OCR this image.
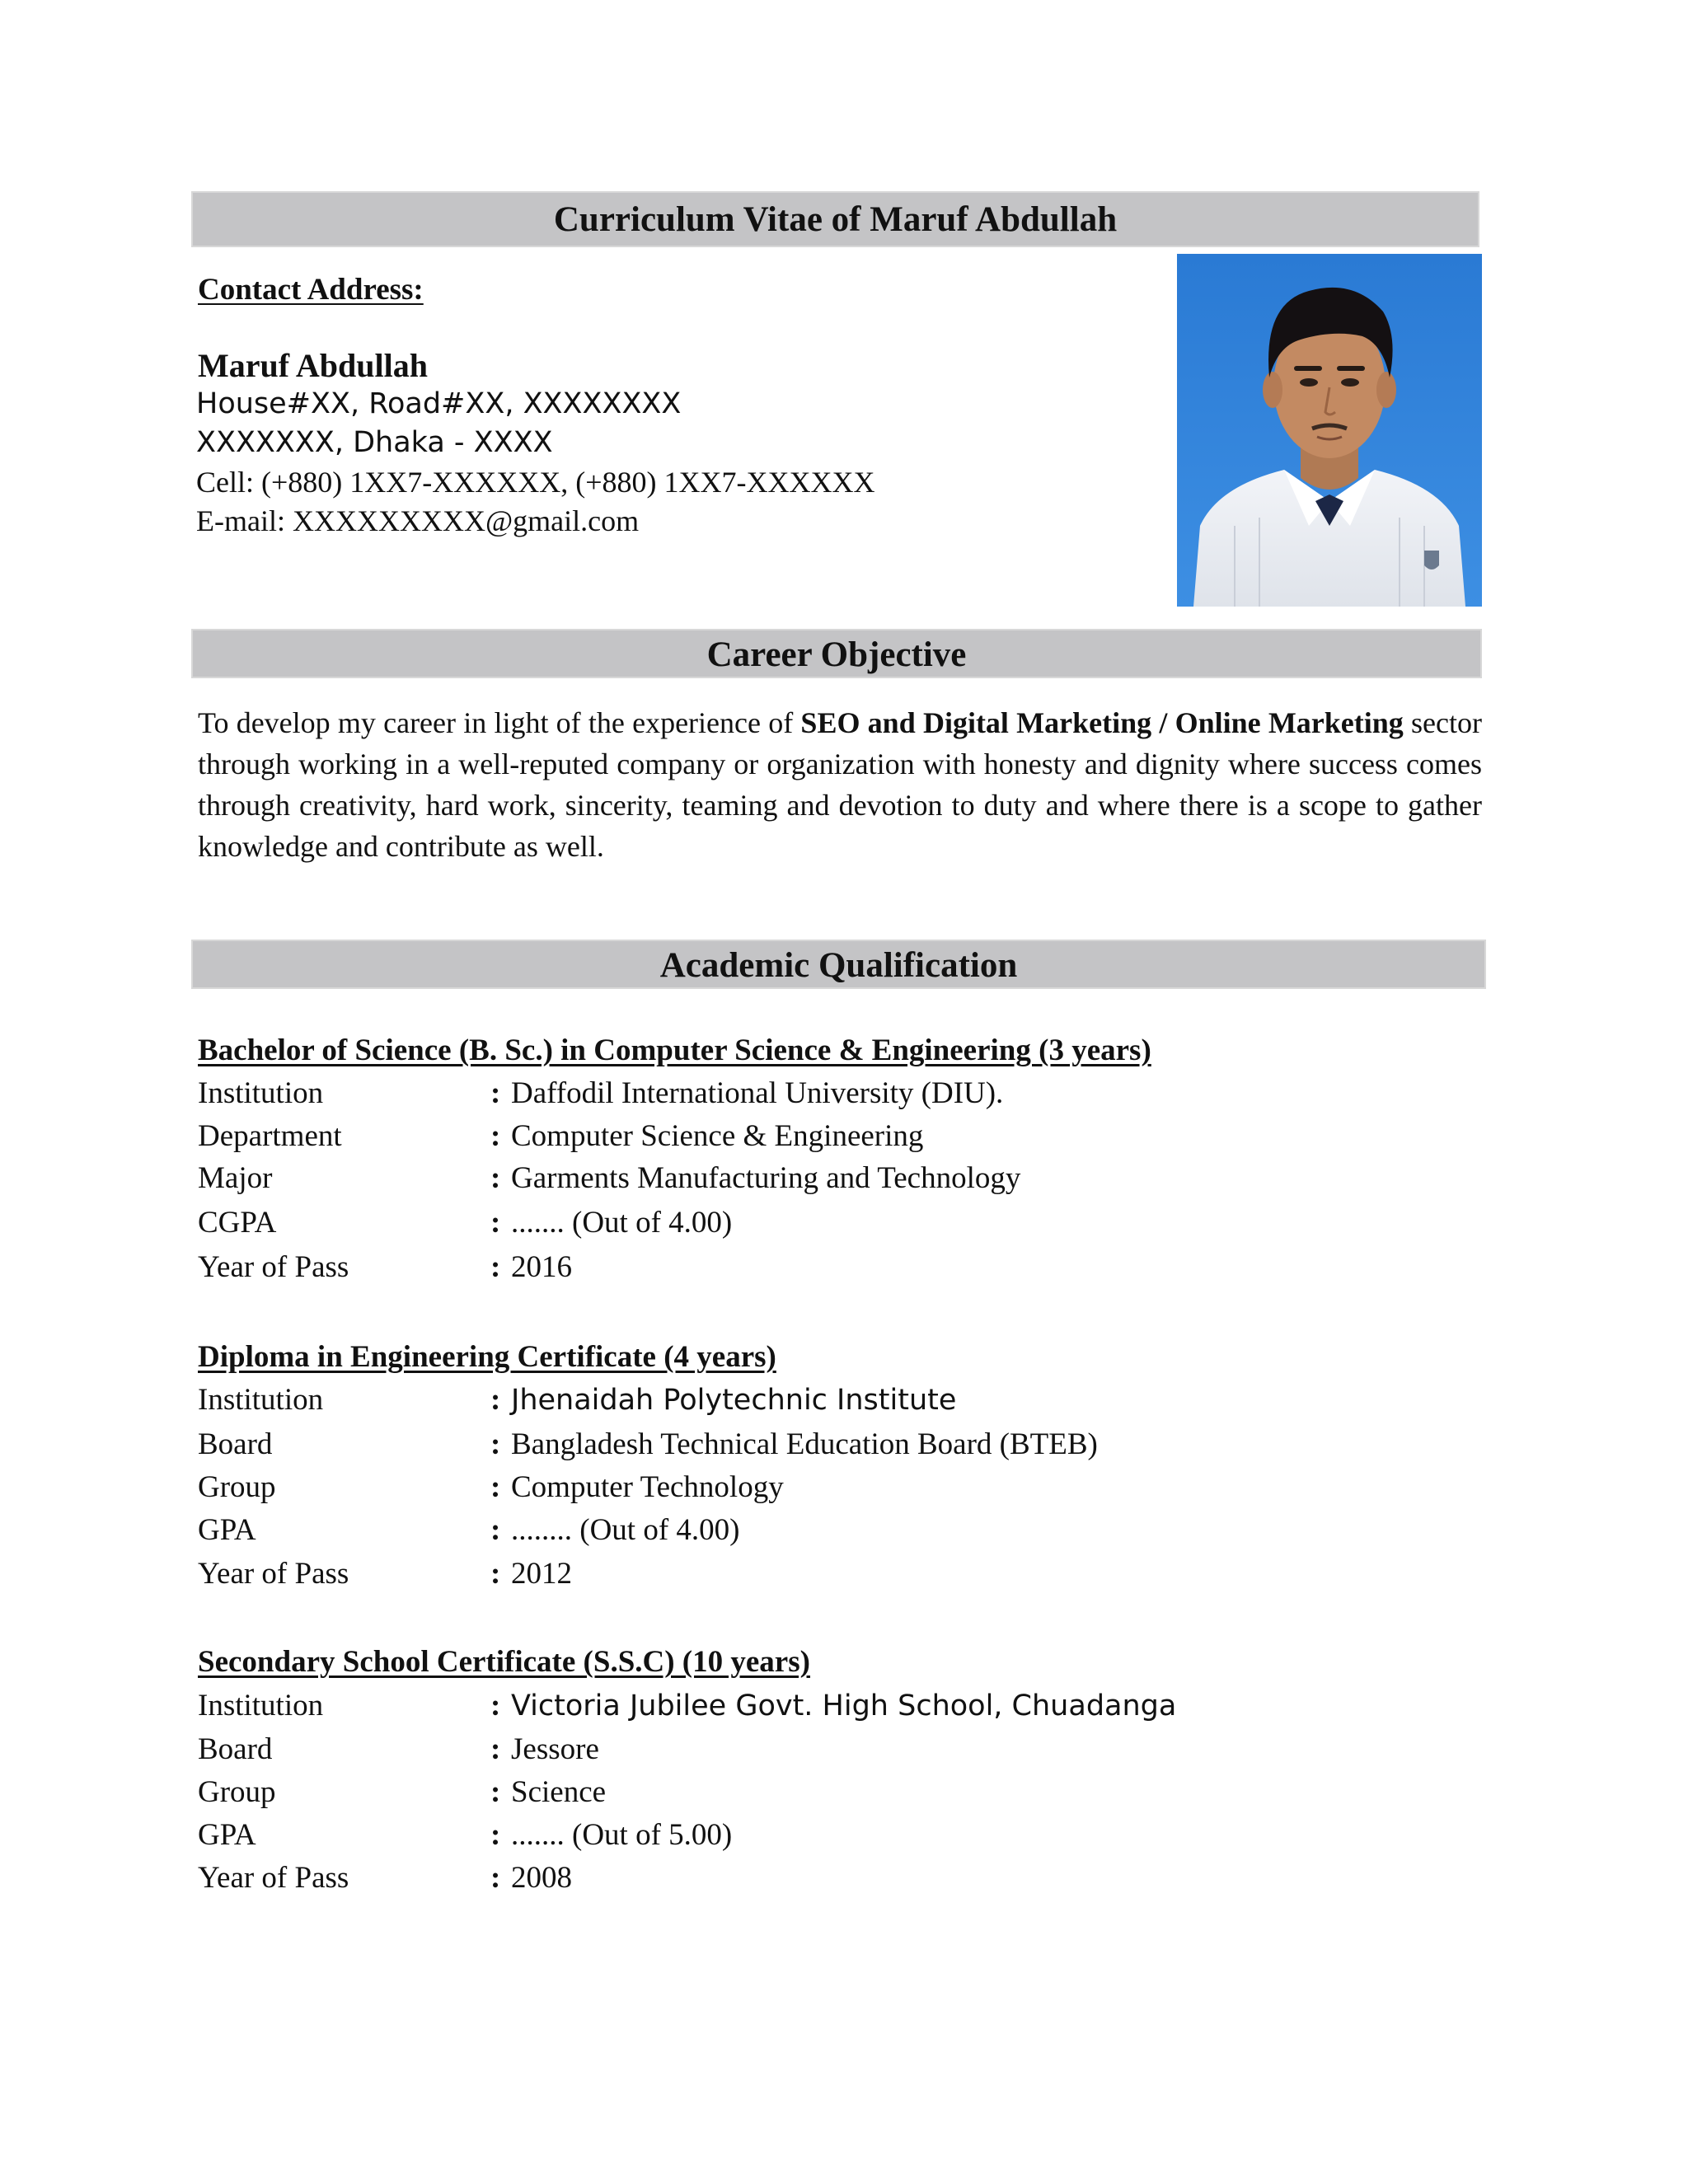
Curriculum Vitae of Maruf Abdullah
Contact Address:
Maruf Abdullah
House#XX, Road#XX, XXXXXXXX
XXXXXXX, Dhaka - XXXX
Cell: (+880) 1XX7-XXXXXX, (+880) 1XX7-XXXXXX
E-mail: XXXXXXXXX@gmail.com
Career Objective
To develop my career in light of the experience of SEO and Digital Marketing / Online Marketing sector through working in a well-reputed company or organization with honesty and dignity where success comes through creativity, hard work, sincerity, teaming and devotion to duty and where there is a scope to gather knowledge and contribute as well.
Academic Qualification
Bachelor of Science (B. Sc.) in Computer Science & Engineering (3 years)
Institution	: Daffodil International University (DIU).
Department	: Computer Science & Engineering
Major	: Garments Manufacturing and Technology
CGPA	: ....... (Out of 4.00)
Year of Pass	: 2016
Diploma in Engineering Certificate (4 years)
Institution	: Jhenaidah Polytechnic Institute
Board	: Bangladesh Technical Education Board (BTEB)
Group	: Computer Technology
GPA	: ........ (Out of 4.00)
Year of Pass	: 2012
Secondary School Certificate (S.S.C) (10 years)
Institution	: Victoria Jubilee Govt. High School, Chuadanga
Board	: Jessore
Group	: Science
GPA	: ....... (Out of 5.00)
Year of Pass	: 2008
